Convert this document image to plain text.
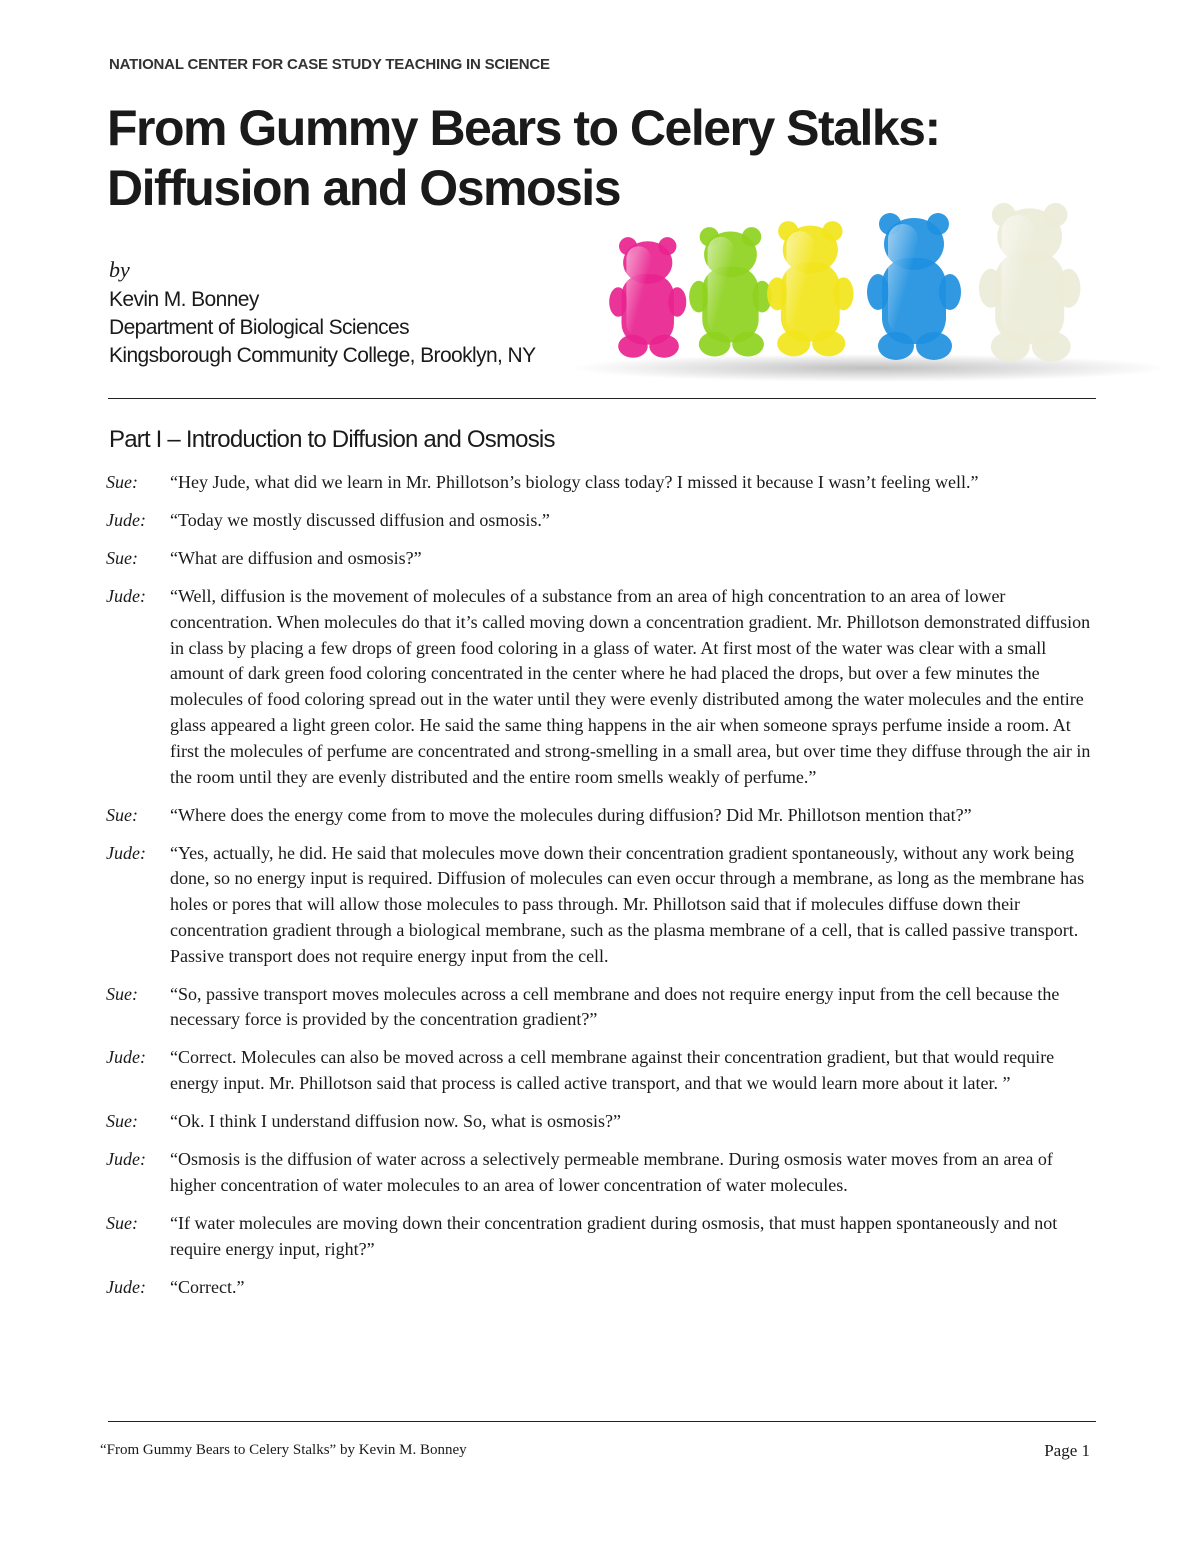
NATIONAL CENTER FOR CASE STUDY TEACHING IN SCIENCE
From Gummy Bears to Celery Stalks:
Diffusion and Osmosis
by
Kevin M. Bonney
Department of Biological Sciences
Kingsborough Community College, Brooklyn, NY
Part I – Introduction to Diffusion and Osmosis
Sue:	“Hey Jude, what did we learn in Mr. Phillotson’s biology class today? I missed it because I wasn’t feeling well.”
Jude:	“Today we mostly discussed diffusion and osmosis.”
Sue:	“What are diffusion and osmosis?”
Jude:	“Well, diffusion is the movement of molecules of a substance from an area of high concentration to an area of lower concentration. When molecules do that it’s called moving down a concentration gradient. Mr. Phillotson demonstrated diffusion in class by placing a few drops of green food coloring in a glass of water. At first most of the water was clear with a small amount of dark green food coloring concentrated in the center where he had placed the drops, but over a few minutes the molecules of food coloring spread out in the water until they were evenly distributed among the water molecules and the entire glass appeared a light green color. He said the same thing happens in the air when someone sprays perfume inside a room. At first the molecules of perfume are concentrated and strong-smelling in a small area, but over time they diffuse through the air in the room until they are evenly distributed and the entire room smells weakly of perfume.”
Sue:	“Where does the energy come from to move the molecules during diffusion? Did Mr. Phillotson mention that?”
Jude:	“Yes, actually, he did. He said that molecules move down their concentration gradient spontaneously, without any work being done, so no energy input is required. Diffusion of molecules can even occur through a membrane, as long as the membrane has holes or pores that will allow those molecules to pass through. Mr. Phillotson said that if molecules diffuse down their concentration gradient through a biological membrane, such as the plasma membrane of a cell, that is called passive transport. Passive transport does not require energy input from the cell.
Sue:	“So, passive transport moves molecules across a cell membrane and does not require energy input from the cell because the necessary force is provided by the concentration gradient?”
Jude:	“Correct. Molecules can also be moved across a cell membrane against their concentration gradient, but that would require energy input. Mr. Phillotson said that process is called active transport, and that we would learn more about it later. ”
Sue:	“Ok. I think I understand diffusion now. So, what is osmosis?”
Jude:	“Osmosis is the diffusion of water across a selectively permeable membrane. During osmosis water moves from an area of higher concentration of water molecules to an area of lower concentration of water molecules.
Sue:	“If water molecules are moving down their concentration gradient during osmosis, that must happen spontaneously and not require energy input, right?”
Jude:	“Correct.”
“From Gummy Bears to Celery Stalks” by Kevin M. Bonney	Page 1
